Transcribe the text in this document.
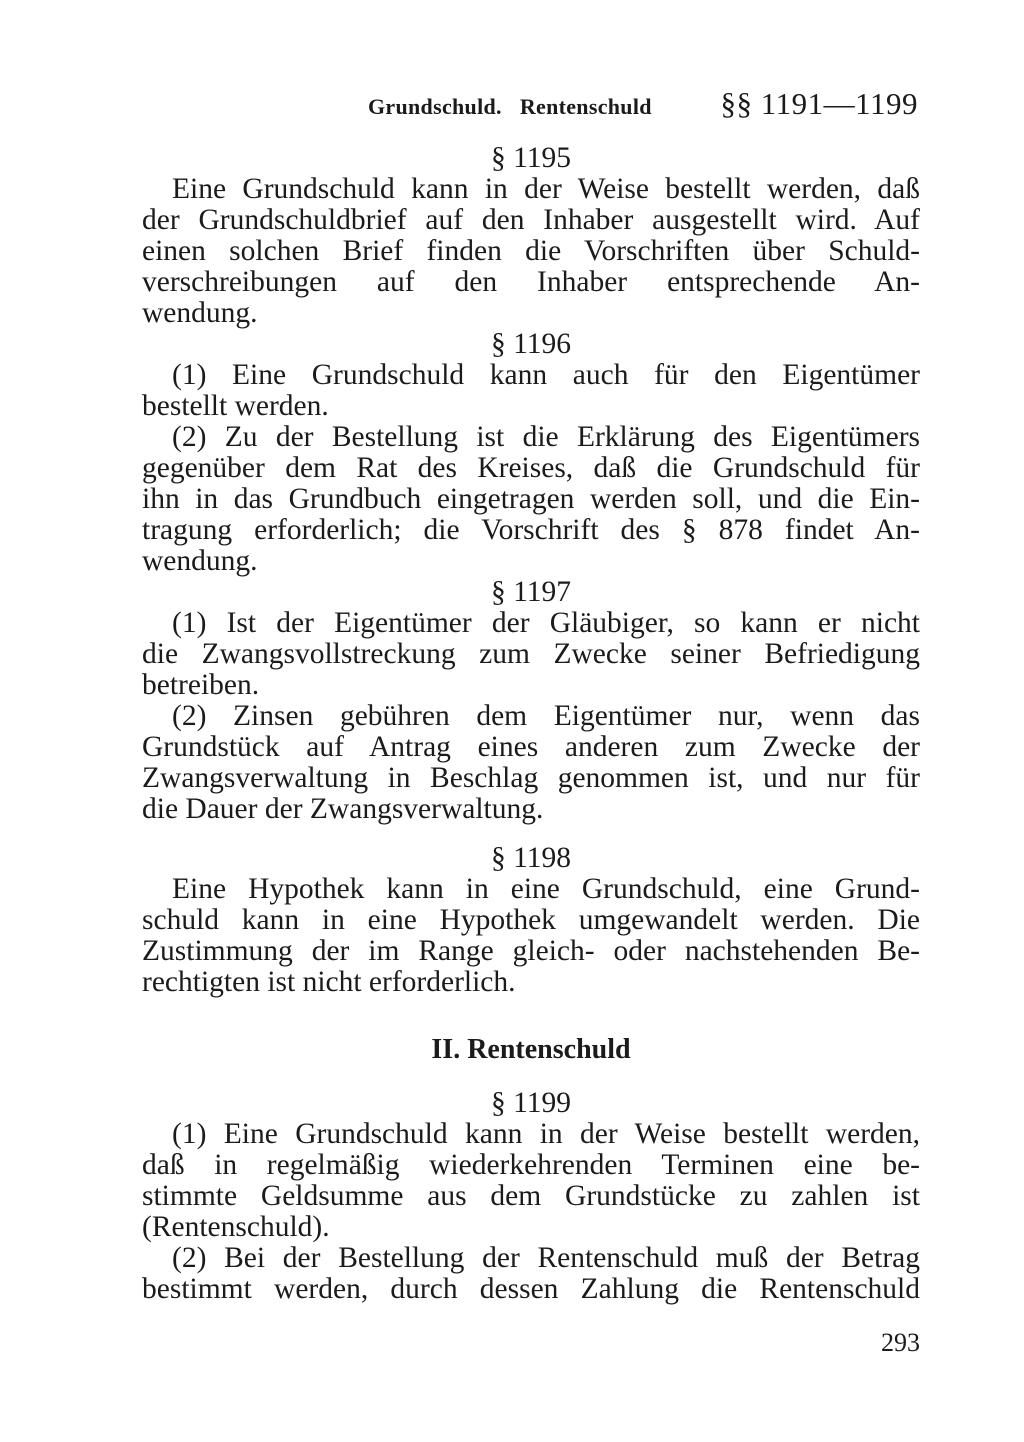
Grundschuld. Rentenschuld §§ 1191—1199
§ 1195
Eine Grundschuld kann in der Weise bestellt werden, daß
der Grundschuldbrief auf den Inhaber ausgestellt wird. Auf
einen solchen Brief finden die Vorschriften über Schuld-
verschreibungen auf den Inhaber entsprechende An-
wendung.
§ 1196
(1) Eine Grundschuld kann auch für den Eigentümer
bestellt werden.
(2) Zu der Bestellung ist die Erklärung des Eigentümers
gegenüber dem Rat des Kreises, daß die Grundschuld für
ihn in das Grundbuch eingetragen werden soll, und die Ein-
tragung erforderlich; die Vorschrift des § 878 findet An-
wendung.
§ 1197
(1) Ist der Eigentümer der Gläubiger, so kann er nicht
die Zwangsvollstreckung zum Zwecke seiner Befriedigung
betreiben.
(2) Zinsen gebühren dem Eigentümer nur, wenn das
Grundstück auf Antrag eines anderen zum Zwecke der
Zwangsverwaltung in Beschlag genommen ist, und nur für
die Dauer der Zwangsverwaltung.
§ 1198
Eine Hypothek kann in eine Grundschuld, eine Grund-
schuld kann in eine Hypothek umgewandelt werden. Die
Zustimmung der im Range gleich- oder nachstehenden Be-
rechtigten ist nicht erforderlich.
II. Rentenschuld
§ 1199
(1) Eine Grundschuld kann in der Weise bestellt werden,
daß in regelmäßig wiederkehrenden Terminen eine be-
stimmte Geldsumme aus dem Grundstücke zu zahlen ist
(Rentenschuld).
(2) Bei der Bestellung der Rentenschuld muß der Betrag
bestimmt werden, durch dessen Zahlung die Rentenschuld
293
